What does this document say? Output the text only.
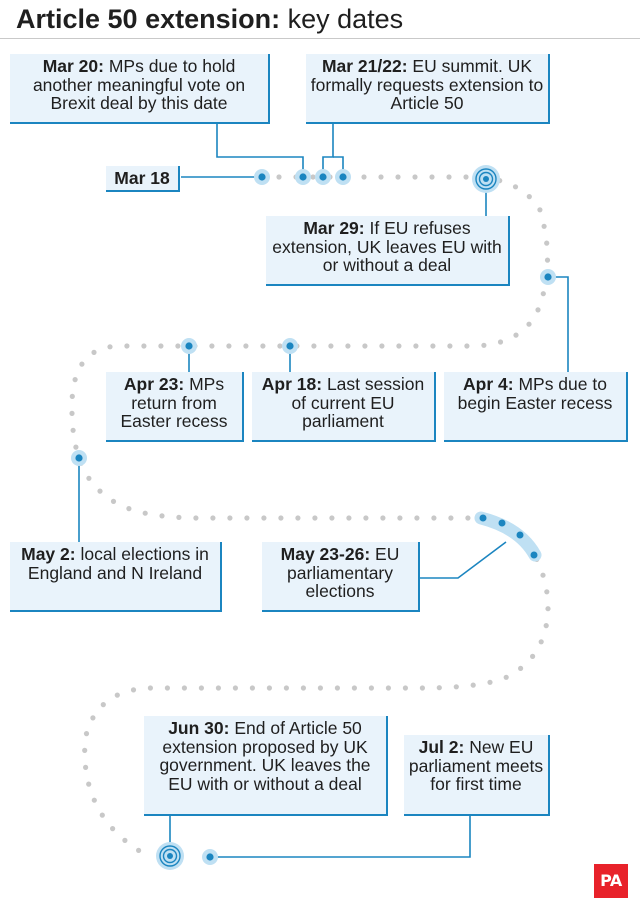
Article 50 extension: key dates
Mar 20: MPs due to hold another meaningful vote on Brexit deal by this date
Mar 21/22: EU summit. UK formally requests extension to Article 50
Mar 18
Mar 29: If EU refuses extension, UK leaves EU with or without a deal
Apr 23: MPs return from Easter recess
Apr 18: Last session of current EU parliament
Apr 4: MPs due to begin Easter recess
May 2: local elections in England and N Ireland
May 23-26: EU parliamentary elections
Jun 30: End of Article 50 extension proposed by UK government. UK leaves the EU with or without a deal
Jul 2: New EU parliament meets for first time
PA
